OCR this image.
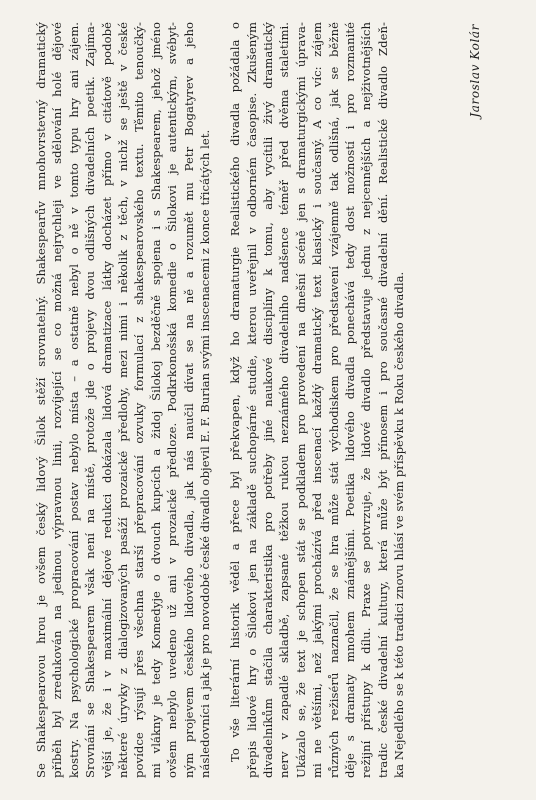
Se Shakespearovou hrou je ovšem český lidový Šilok stěží srovnatelný. Shakespearův mnohovrstevný dramatický příběh byl zredukován na jedinou výpravnou linii, rozvíjející se co možná nejrychleji ve sdělování holé dějové kostry. Na psychologické propracování postav nebylo místa – a ostatně nebyl o ně v tomto typu hry ani zájem. Srovnání se Shakespearem však není na místě, protože jde o projevy dvou odlišných divadelních poetik. Zajíma- vější je, že i v maximální dějové redukci dokázala lidová dramatizace látky docházet přímo v citátově podobě některé úryvky z dialogizovaných pasáží prozaické předlohy, mezi nimi i několik z těch, v nichž se ještě v české povídce rýsují přes všechna starší přepracování ozvuky formulací z shakespearovského textu. Těmito tenoučký- mi vlákny je tedy Komedyje o dvouch kupcích a židoj Šilokoj bezděčně spojena i s Shakespearem, jehož jméno ovšem nebylo uvedeno už ani v prozaické předloze. Podkrkonošská komedie o Šilokovi je autentickým, svébyt- ným projevem českého lidového divadla, jak nás naučil dívat se na ně a rozumět mu Petr Bogatyrev a jeho následovníci a jak je pro novodobé české divadlo objevil E. F. Burian svými inscenacemi z konce třicátých let. To vše literární historik věděl a přece byl překvapen, když ho dramaturgie Realistického divadla požádala o přepis lidové hry o Šilokovi jen na základě suchopárné studie, kterou uveřejnil v odborném časopise. Zkušeným divadelníkům stačila charakteristika pro potřeby jiné naukové disciplíny k tomu, aby vycítili živý dramatický nerv v zapadlé skladbě, zapsané těžkou rukou neznámého divadelního nadšence téměř před dvěma staletími. Ukázalo se, že text je schopen stát se podkladem pro provedení na dnešní scéně jen s dramaturgickými úprava- mi ne většími, než jakými procházívá před inscenací každý dramatický text klasický i současný. A co víc: zájem různých režisérů naznačil, že se hra může stát východiskem pro představení vzájemně tak odlišná, jak se běžně děje s dramaty mnohem známějšími. Poetika lidového divadla ponechává tedy dost možností i pro rozmanité režijní přístupy k dílu. Praxe se potvrzuje, že lidové divadlo představuje jednu z nejcennějších a nejživotnějších tradic české divadelní kultury, která může být přínosem i pro současné divadelní dění. Realistické divadlo Zdeň- ka Nejedlého se k této tradici znovu hlásí ve svém příspěvku k Roku českého divadla.
Jaroslav Kolár
